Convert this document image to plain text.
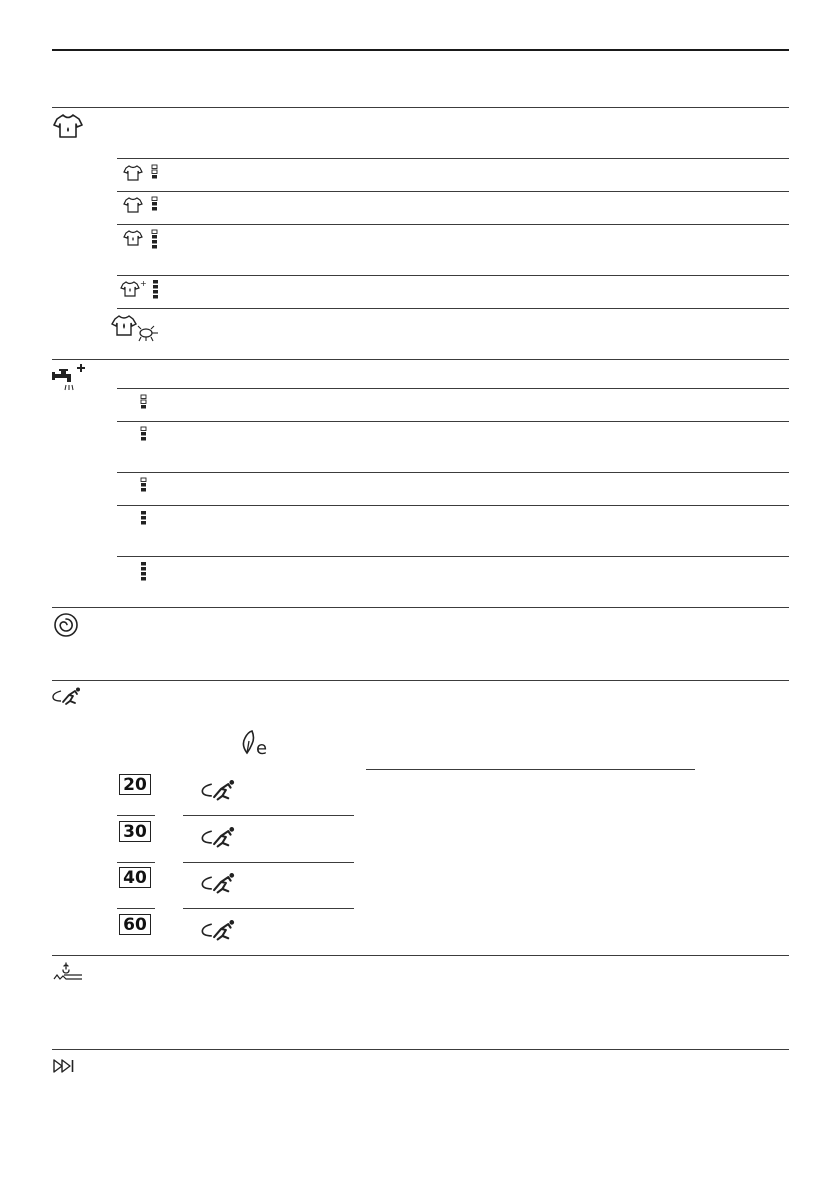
+
e
20
30
40
60
